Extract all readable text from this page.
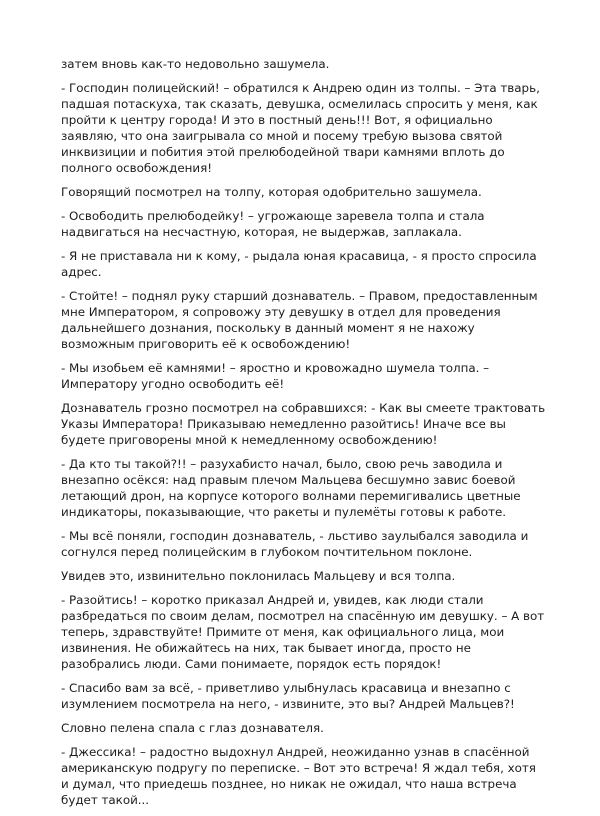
затем вновь как-то недовольно зашумела.

- Господин полицейский! – обратился к Андрею один из толпы. – Эта тварь, падшая потаскуха, так сказать, девушка, осмелилась спросить у меня, как пройти к центру города! И это в постный день!!! Вот, я официально заявляю, что она заигрывала со мной и посему требую вызова святой инквизиции и побития этой прелюбодейной твари камнями вплоть до полного освобождения!

Говорящий посмотрел на толпу, которая одобрительно зашумела.

- Освободить прелюбодейку! – угрожающе заревела толпа и стала надвигаться на несчастную, которая, не выдержав, заплакала.

- Я не приставала ни к кому, - рыдала юная красавица, - я просто спросила адрес.

- Стойте! – поднял руку старший дознаватель. – Правом, предоставленным мне Императором, я сопровожу эту девушку в отдел для проведения дальнейшего дознания, поскольку в данный момент я не нахожу возможным приговорить её к освобождению!

- Мы изобьем её камнями! – яростно и кровожадно шумела толпа. – Императору угодно освободить её!

Дознаватель грозно посмотрел на собравшихся: - Как вы смеете трактовать Указы Императора! Приказываю немедленно разойтись! Иначе все вы будете приговорены мной к немедленному освобождению!

- Да кто ты такой?!! – разухабисто начал, было, свою речь заводила и внезапно осёкся: над правым плечом Мальцева бесшумно завис боевой летающий дрон, на корпусе которого волнами перемигивались цветные индикаторы, показывающие, что ракеты и пулемёты готовы к работе.

- Мы всё поняли, господин дознаватель, - льстиво заулыбался заводила и согнулся перед полицейским в глубоком почтительном поклоне.

Увидев это, извинительно поклонилась Мальцеву и вся толпа.

- Разойтись! – коротко приказал Андрей и, увидев, как люди стали разбредаться по своим делам, посмотрел на спасённую им девушку. – А вот теперь, здравствуйте! Примите от меня, как официального лица, мои извинения. Не обижайтесь на них, так бывает иногда, просто не разобрались люди. Сами понимаете, порядок есть порядок!

- Спасибо вам за всё, - приветливо улыбнулась красавица и внезапно с изумлением посмотрела на него, - извините, это вы? Андрей Мальцев?!

Словно пелена спала с глаз дознавателя.

- Джессика! – радостно выдохнул Андрей, неожиданно узнав в спасённой американскую подругу по переписке. – Вот это встреча! Я ждал тебя, хотя и думал, что приедешь позднее, но никак не ожидал, что наша встреча будет такой...
